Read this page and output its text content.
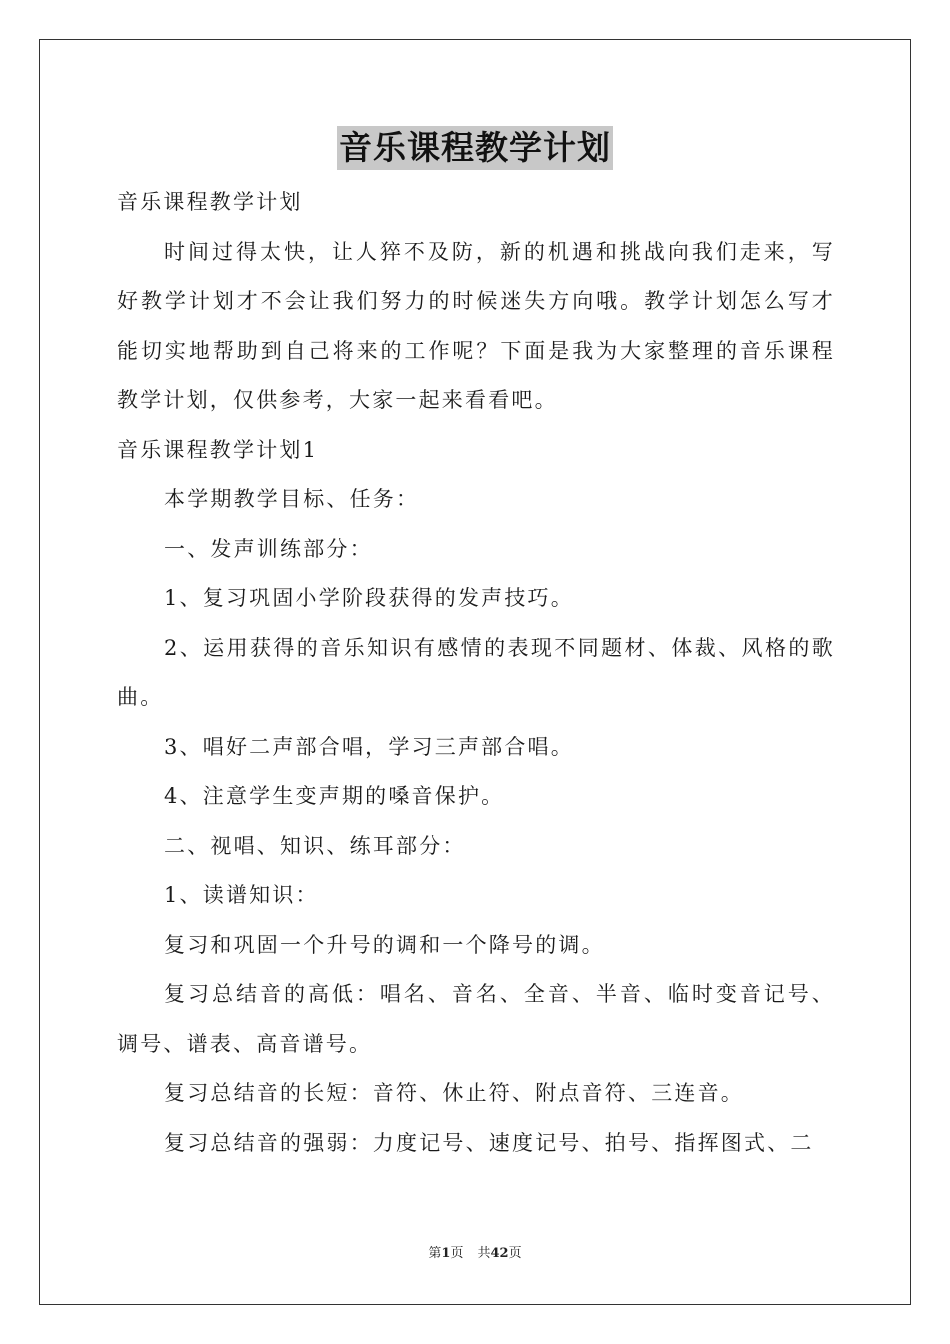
音乐课程教学计划

音乐课程教学计划

时间过得太快，让人猝不及防，新的机遇和挑战向我们走来，写好教学计划才不会让我们努力的时候迷失方向哦。教学计划怎么写才能切实地帮助到自己将来的工作呢？下面是我为大家整理的音乐课程教学计划，仅供参考，大家一起来看看吧。

音乐课程教学计划1

本学期教学目标、任务：

一、发声训练部分：

1、复习巩固小学阶段获得的发声技巧。

2、运用获得的音乐知识有感情的表现不同题材、体裁、风格的歌曲。

3、唱好二声部合唱，学习三声部合唱。

4、注意学生变声期的嗓音保护。

二、视唱、知识、练耳部分：

1、读谱知识：

复习和巩固一个升号的调和一个降号的调。

复习总结音的高低：唱名、音名、全音、半音、临时变音记号、调号、谱表、高音谱号。

复习总结音的长短：音符、休止符、附点音符、三连音。

复习总结音的强弱：力度记号、速度记号、拍号、指挥图式、二

第1页 共42页
